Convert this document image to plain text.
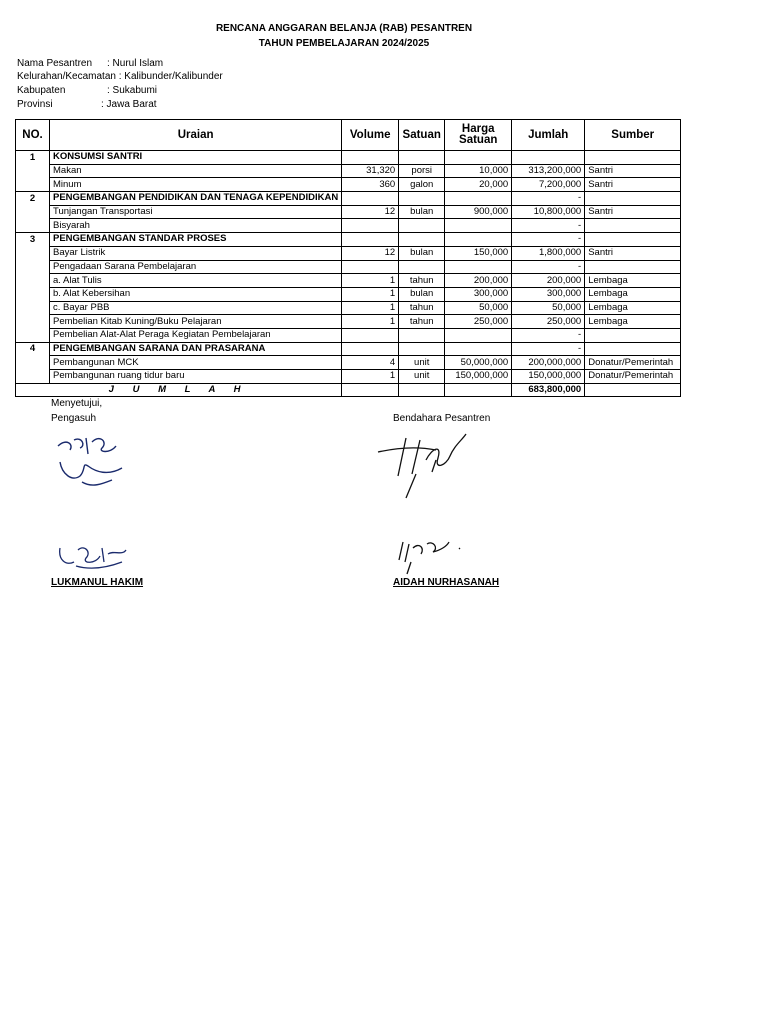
RENCANA ANGGARAN BELANJA (RAB) PESANTREN
TAHUN PEMBELAJARAN 2024/2025
Nama Pesantren : Nurul Islam
Kelurahan/Kecamatan : Kalibunder/Kalibunder
Kabupaten	: Sukabumi
Provinsi	: Jawa Barat
NO.	Uraian	Volume	Satuan	Harga Satuan	Jumlah	Sumber
1	KONSUMSI SANTRI					
	Makan	31,320	porsi	10,000	313,200,000	Santri
	Minum	360	galon	20,000	7,200,000	Santri
2	PENGEMBANGAN PENDIDIKAN DAN TENAGA KEPENDIDIKAN				-	
	Tunjangan Transportasi	12	bulan	900,000	10,800,000	Santri
	Bisyarah				-	
3	PENGEMBANGAN STANDAR PROSES				-	
	Bayar Listrik	12	bulan	150,000	1,800,000	Santri
	Pengadaan Sarana Pembelajaran				-	
	a. Alat Tulis	1	tahun	200,000	200,000	Lembaga
	b. Alat Kebersihan	1	bulan	300,000	300,000	Lembaga
	c. Bayar PBB	1	tahun	50,000	50,000	Lembaga
	Pembelian Kitab Kuning/Buku Pelajaran	1	tahun	250,000	250,000	Lembaga
	Pembelian Alat-Alat Peraga Kegiatan Pembelajaran				-	
4	PENGEMBANGAN SARANA DAN PRASARANA				-	
	Pembangunan MCK	4	unit	50,000,000	200,000,000	Donatur/Pemerintah
	Pembangunan ruang tidur baru	1	unit	150,000,000	150,000,000	Donatur/Pemerintah
J U M L A H					683,800,000	
Menyetujui,
Pengasuh	Bendahara Pesantren
LUKMANUL HAKIM	AIDAH NURHASANAH
